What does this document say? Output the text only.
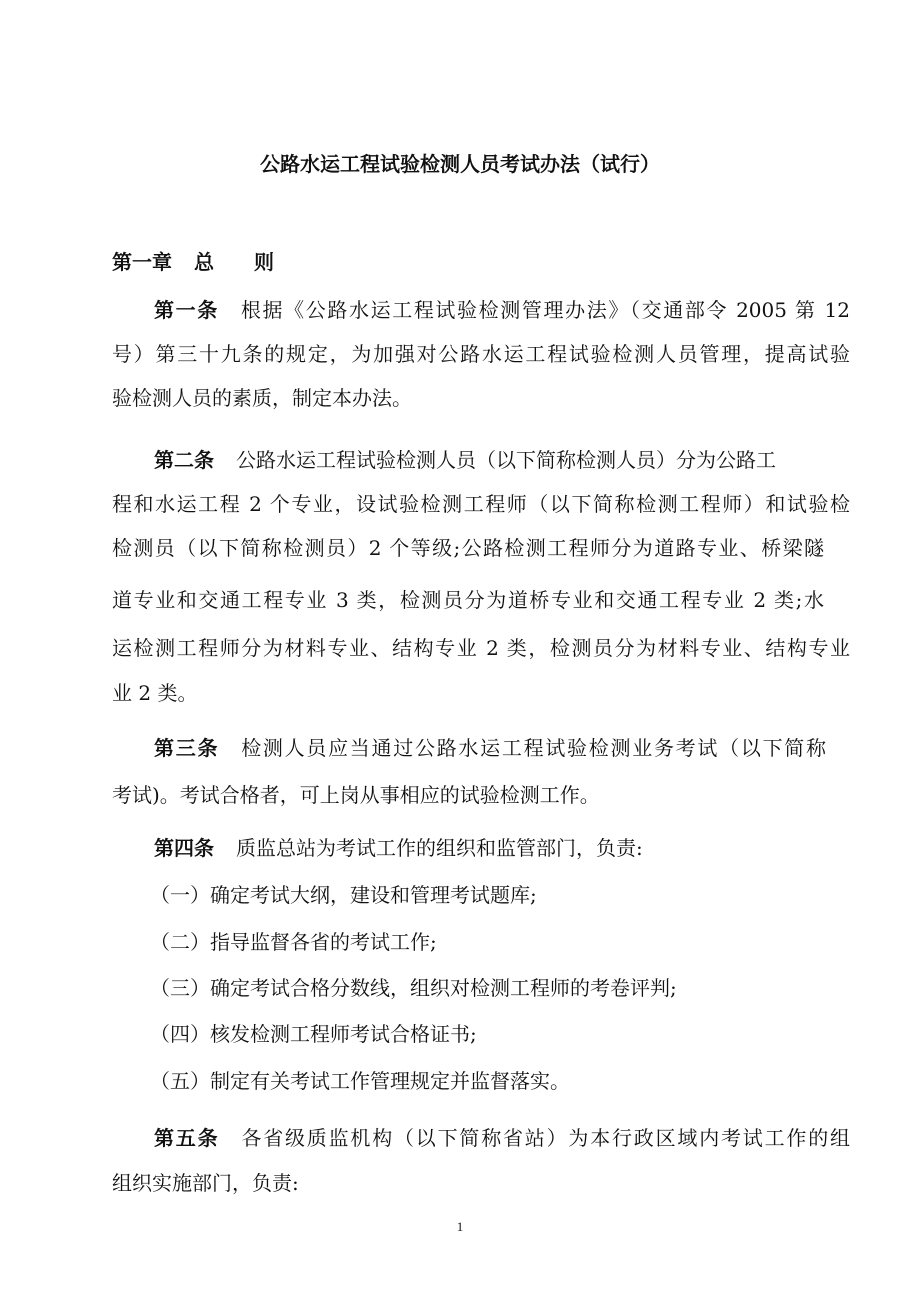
公路水运工程试验检测人员考试办法（试行）
第一章 总 则
第一条 根据《公路水运工程试验检测管理办法》（交通部令 2005 第 12
号）第三十九条的规定，为加强对公路水运工程试验检测人员管理，提高试验
验检测人员的素质，制定本办法。
第二条 公路水运工程试验检测人员（以下简称检测人员）分为公路工
程和水运工程 2 个专业，设试验检测工程师（以下简称检测工程师）和试验检
检测员（以下简称检测员）2 个等级;公路检测工程师分为道路专业、桥梁隧
道专业和交通工程专业 3 类，检测员分为道桥专业和交通工程专业 2 类;水
运检测工程师分为材料专业、结构专业 2 类，检测员分为材料专业、结构专业
业 2 类。
第三条 检测人员应当通过公路水运工程试验检测业务考试（以下简称
考试)。考试合格者，可上岗从事相应的试验检测工作。
第四条 质监总站为考试工作的组织和监管部门，负责:
（一）确定考试大纲，建设和管理考试题库;
（二）指导监督各省的考试工作;
（三）确定考试合格分数线，组织对检测工程师的考卷评判;
（四）核发检测工程师考试合格证书;
（五）制定有关考试工作管理规定并监督落实。
第五条 各省级质监机构（以下简称省站）为本行政区域内考试工作的组
组织实施部门，负责:
1
